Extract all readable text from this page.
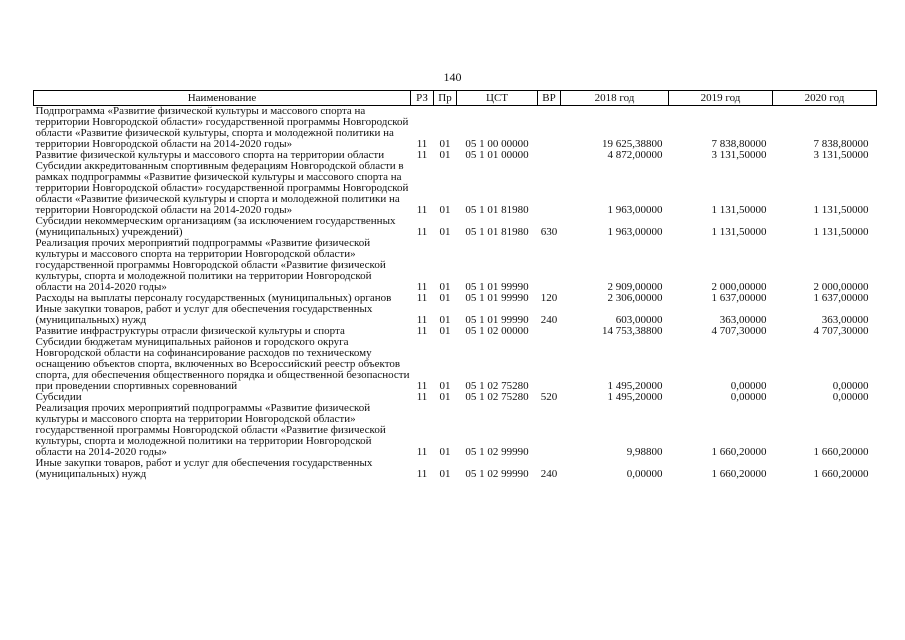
140
Наименование	РЗ	Пр	ЦСТ	ВР	2018 год	2019 год	2020 год
Подпрограмма «Развитие физической культуры и массового спорта на территории Новгородской области» государственной программы Новгородской области «Развитие физической культуры, спорта и молодежной политики на территории Новгородской области на 2014-2020 годы»	11	01	05 1 00 00000		19 625,38800	7 838,80000	7 838,80000
Развитие физической культуры и массового спорта на территории области	11	01	05 1 01 00000		4 872,00000	3 131,50000	3 131,50000
Субсидии аккредитованным спортивным федерациям Новгородской области в рамках подпрограммы «Развитие физической культуры и массового спорта на территории Новгородской области» государственной программы Новгородской области «Развитие физической культуры и спорта и молодежной политики на территории Новгородской области на 2014-2020 годы»	11	01	05 1 01 81980		1 963,00000	1 131,50000	1 131,50000
Субсидии некоммерческим организациям (за исключением государственных (муниципальных) учреждений)	11	01	05 1 01 81980	630	1 963,00000	1 131,50000	1 131,50000
Реализация прочих мероприятий подпрограммы «Развитие физической культуры и массового спорта на территории Новгородской области» государственной программы Новгородской области «Развитие физической культуры, спорта и молодежной политики на территории Новгородской области на 2014-2020 годы»	11	01	05 1 01 99990		2 909,00000	2 000,00000	2 000,00000
Расходы на выплаты персоналу государственных (муниципальных) органов	11	01	05 1 01 99990	120	2 306,00000	1 637,00000	1 637,00000
Иные закупки товаров, работ и услуг для обеспечения государственных (муниципальных) нужд	11	01	05 1 01 99990	240	603,00000	363,00000	363,00000
Развитие инфраструктуры отрасли физической культуры и спорта	11	01	05 1 02 00000		14 753,38800	4 707,30000	4 707,30000
Субсидии бюджетам муниципальных районов и городского округа Новгородской области на софинансирование расходов по техническому оснащению объектов спорта, включенных во Всероссийский реестр объектов спорта, для обеспечения общественного порядка и общественной безопасности при проведении спортивных соревнований	11	01	05 1 02 75280		1 495,20000	0,00000	0,00000
Субсидии	11	01	05 1 02 75280	520	1 495,20000	0,00000	0,00000
Реализация прочих мероприятий подпрограммы «Развитие физической культуры и массового спорта на территории Новгородской области» государственной программы Новгородской области «Развитие физической культуры, спорта и молодежной политики на территории Новгородской области на 2014-2020 годы»	11	01	05 1 02 99990		9,98800	1 660,20000	1 660,20000
Иные закупки товаров, работ и услуг для обеспечения государственных (муниципальных) нужд	11	01	05 1 02 99990	240	0,00000	1 660,20000	1 660,20000
